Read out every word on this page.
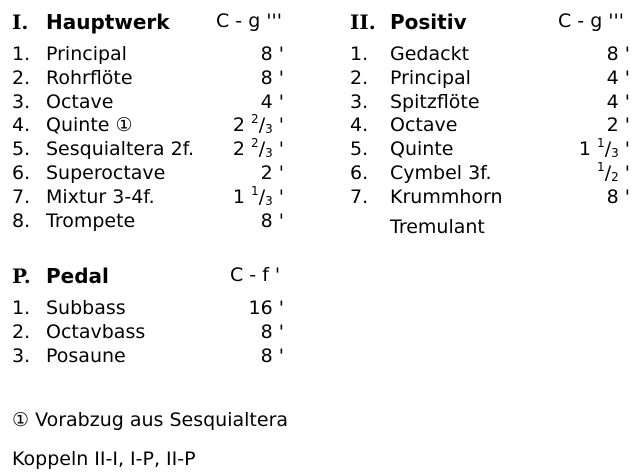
I. Hauptwerk C - g '''
1. Principal	8 '
2. Rohrflöte	8 '
3. Octave	4 '
4. Quinte ①	2 $^2$/3 '
5. Sesquialtera 2f. 2 $^2$/3 '
6. Superoctave	2 '
7. Mixtur 3-4f.	1 $^1$/3 '
8. Trompete	8 '
II. Positiv	C - g '''
1. Gedackt	8 '
2. Principal	4 '
3. Spitzflöte	4 '
4. Octave	2 '
5. Quinte	1 $^1$/3 '
6. Cymbel 3f.	$^1$/2 '
7. Krummhorn	8 '
Tremulant
P. Pedal	C - f '
1. Subbass	16 '
2. Octavbass	8 '
3. Posaune	8 '
① Vorabzug aus Sesquialtera
Koppeln II-I, I-P, II-P
